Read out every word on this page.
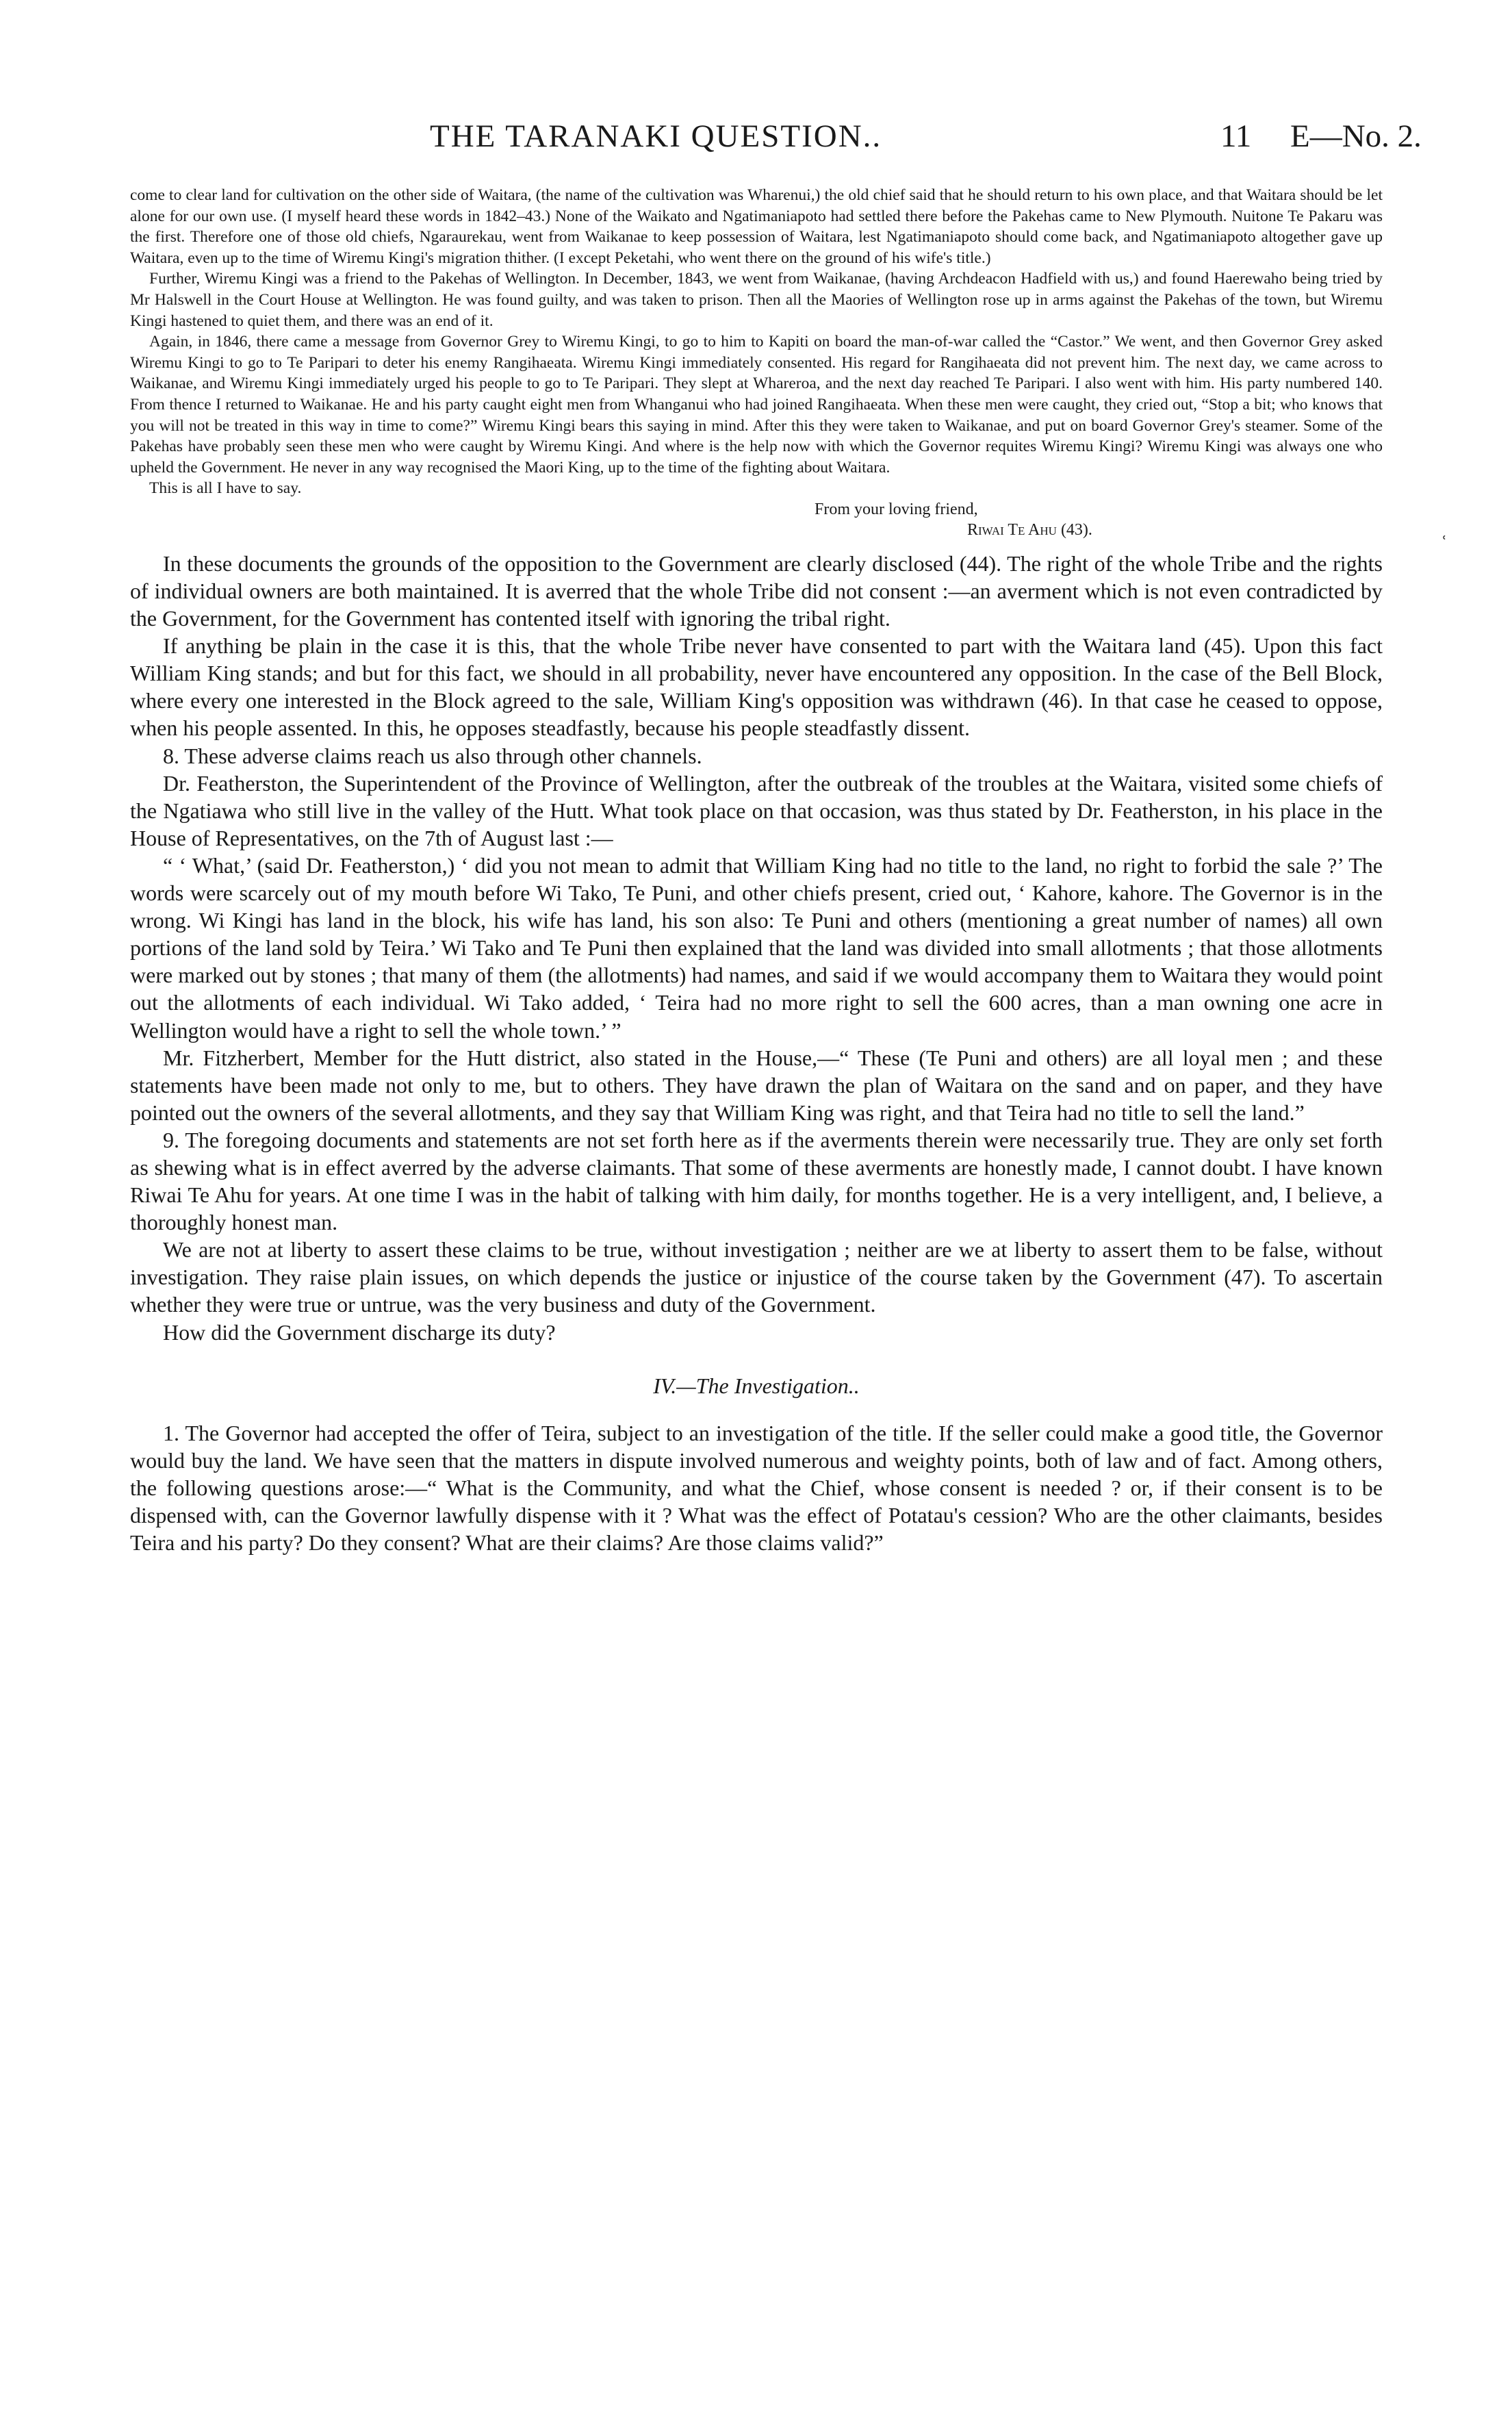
THE TARANAKI QUESTION..	11 E—No. 2.
ʿ

come to clear land for cultivation on the other side of Waitara, (the name of the cultivation was Wharenui,) the old chief said that he should return to his own place, and that Waitara should be let alone for our own use. (I myself heard these words in 1842–43.) None of the Waikato and Ngatimaniapoto had settled there before the Pakehas came to New Plymouth. Nuitone Te Pakaru was the first. Therefore one of those old chiefs, Ngaraurekau, went from Waikanae to keep possession of Waitara, lest Ngatimaniapoto should come back, and Ngatimaniapoto altogether gave up Waitara, even up to the time of Wiremu Kingi's migration thither. (I except Peketahi, who went there on the ground of his wife's title.)

Further, Wiremu Kingi was a friend to the Pakehas of Wellington. In December, 1843, we went from Waikanae, (having Archdeacon Hadfield with us,) and found Haerewaho being tried by Mr Halswell in the Court House at Wellington. He was found guilty, and was taken to prison. Then all the Maories of Wellington rose up in arms against the Pakehas of the town, but Wiremu Kingi hastened to quiet them, and there was an end of it.

Again, in 1846, there came a message from Governor Grey to Wiremu Kingi, to go to him to Kapiti on board the man-of-war called the “Castor.” We went, and then Governor Grey asked Wiremu Kingi to go to Te Paripari to deter his enemy Rangihaeata. Wiremu Kingi immediately consented. His regard for Rangihaeata did not prevent him. The next day, we came across to Waikanae, and Wiremu Kingi immediately urged his people to go to Te Paripari. They slept at Whareroa, and the next day reached Te Paripari. I also went with him. His party numbered 140. From thence I returned to Waikanae. He and his party caught eight men from Whanganui who had joined Rangihaeata. When these men were caught, they cried out, “Stop a bit; who knows that you will not be treated in this way in time to come?” Wiremu Kingi bears this saying in mind. After this they were taken to Waikanae, and put on board Governor Grey's steamer. Some of the Pakehas have probably seen these men who were caught by Wiremu Kingi. And where is the help now with which the Governor requites Wiremu Kingi? Wiremu Kingi was always one who upheld the Government. He never in any way recognised the Maori King, up to the time of the fighting about Waitara.

This is all I have to say.

From your loving friend,
Riwai Te Ahu (43).

In these documents the grounds of the opposition to the Government are clearly disclosed (44). The right of the whole Tribe and the rights of individual owners are both maintained. It is averred that the whole Tribe did not consent :—an averment which is not even contradicted by the Government, for the Government has contented itself with ignoring the tribal right.

If anything be plain in the case it is this, that the whole Tribe never have consented to part with the Waitara land (45). Upon this fact William King stands; and but for this fact, we should in all probability, never have encountered any opposition. In the case of the Bell Block, where every one interested in the Block agreed to the sale, William King's opposition was withdrawn (46). In that case he ceased to oppose, when his people assented. In this, he opposes steadfastly, because his people steadfastly dissent.

8. These adverse claims reach us also through other channels.

Dr. Featherston, the Superintendent of the Province of Wellington, after the outbreak of the troubles at the Waitara, visited some chiefs of the Ngatiawa who still live in the valley of the Hutt. What took place on that occasion, was thus stated by Dr. Featherston, in his place in the House of Representatives, on the 7th of August last :—

“ ‘ What,’ (said Dr. Featherston,) ‘ did you not mean to admit that William King had no title to the land, no right to forbid the sale ?’ The words were scarcely out of my mouth before Wi Tako, Te Puni, and other chiefs present, cried out, ‘ Kahore, kahore. The Governor is in the wrong. Wi Kingi has land in the block, his wife has land, his son also: Te Puni and others (mentioning a great number of names) all own portions of the land sold by Teira.’ Wi Tako and Te Puni then explained that the land was divided into small allotments ; that those allotments were marked out by stones ; that many of them (the allotments) had names, and said if we would accompany them to Waitara they would point out the allotments of each individual. Wi Tako added, ‘ Teira had no more right to sell the 600 acres, than a man owning one acre in Wellington would have a right to sell the whole town.’ ”

Mr. Fitzherbert, Member for the Hutt district, also stated in the House,—“ These (Te Puni and others) are all loyal men ; and these statements have been made not only to me, but to others. They have drawn the plan of Waitara on the sand and on paper, and they have pointed out the owners of the several allotments, and they say that William King was right, and that Teira had no title to sell the land.”

9. The foregoing documents and statements are not set forth here as if the averments therein were necessarily true. They are only set forth as shewing what is in effect averred by the adverse claimants. That some of these averments are honestly made, I cannot doubt. I have known Riwai Te Ahu for years. At one time I was in the habit of talking with him daily, for months together. He is a very intelligent, and, I believe, a thoroughly honest man.

We are not at liberty to assert these claims to be true, without investigation ; neither are we at liberty to assert them to be false, without investigation. They raise plain issues, on which depends the justice or injustice of the course taken by the Government (47). To ascertain whether they were true or untrue, was the very business and duty of the Government.

How did the Government discharge its duty?

IV.—The Investigation..

1. The Governor had accepted the offer of Teira, subject to an investigation of the title. If the seller could make a good title, the Governor would buy the land. We have seen that the matters in dispute involved numerous and weighty points, both of law and of fact. Among others, the following questions arose:—“ What is the Community, and what the Chief, whose consent is needed ? or, if their consent is to be dispensed with, can the Governor lawfully dispense with it ? What was the effect of Potatau's cession? Who are the other claimants, besides Teira and his party? Do they consent? What are their claims? Are those claims valid?”
